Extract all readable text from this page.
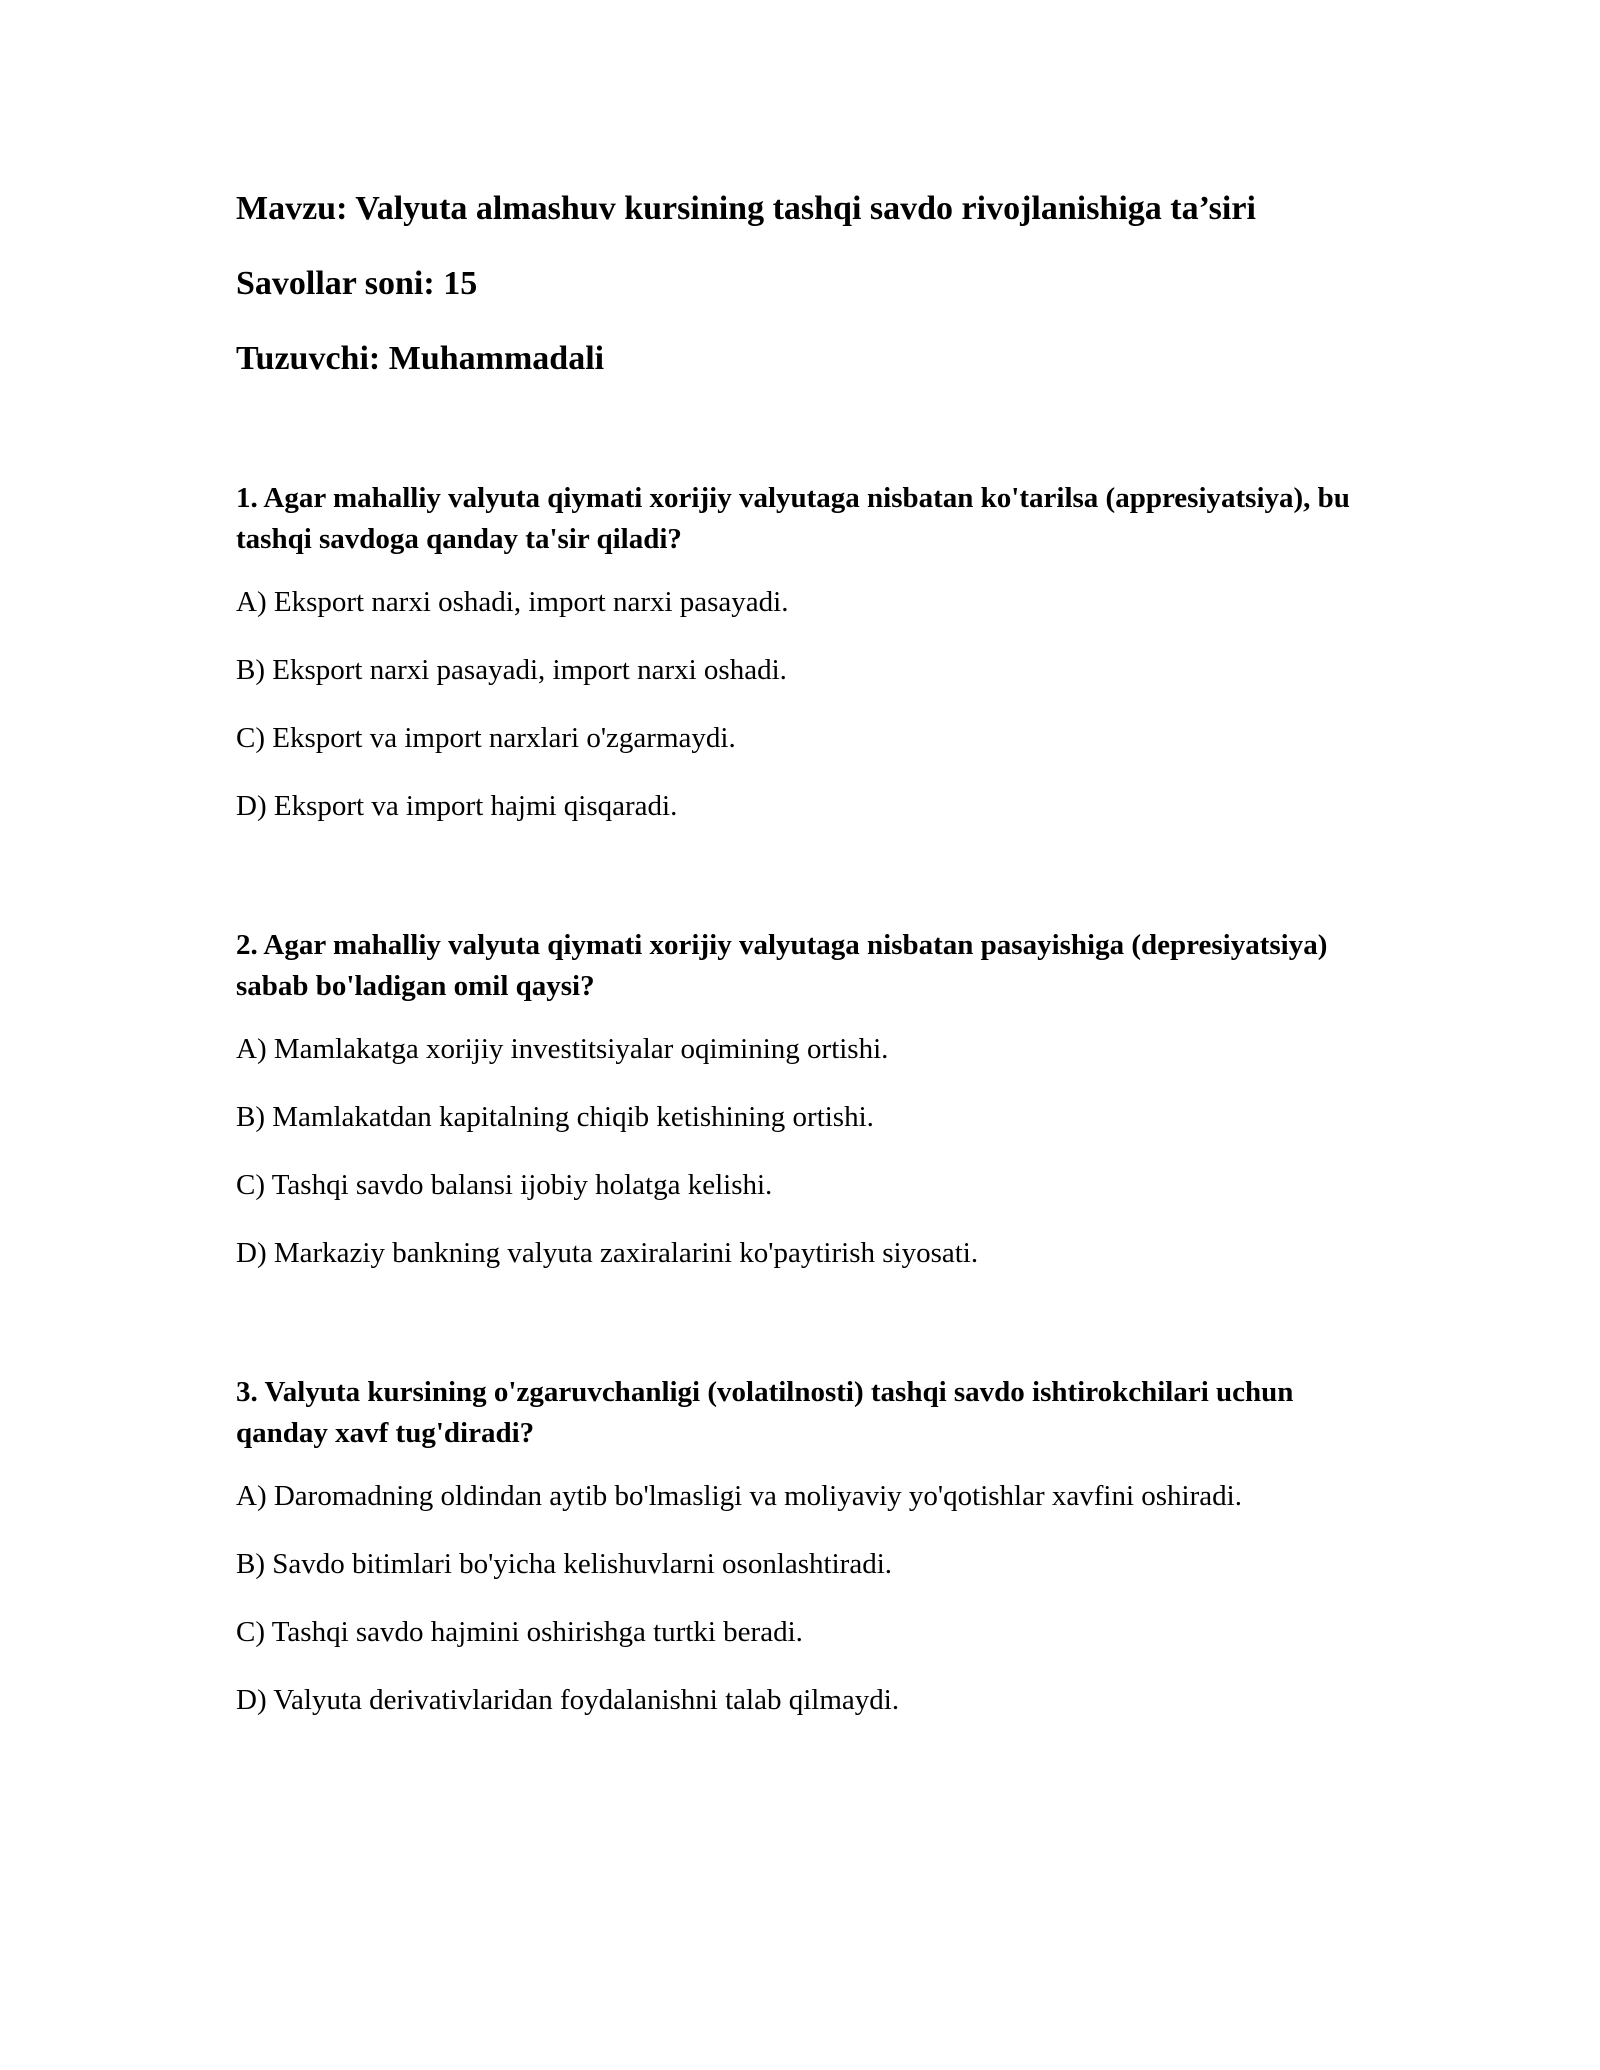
Mavzu: Valyuta almashuv kursining tashqi savdo rivojlanishiga ta’siri
Savollar soni: 15
Tuzuvchi: Muhammadali

1. Agar mahalliy valyuta qiymati xorijiy valyutaga nisbatan ko'tarilsa (appresiyatsiya), bu tashqi savdoga qanday ta'sir qiladi?

A) Eksport narxi oshadi, import narxi pasayadi.
B) Eksport narxi pasayadi, import narxi oshadi.
C) Eksport va import narxlari o'zgarmaydi.
D) Eksport va import hajmi qisqaradi.

2. Agar mahalliy valyuta qiymati xorijiy valyutaga nisbatan pasayishiga (depresiyatsiya) sabab bo'ladigan omil qaysi?

A) Mamlakatga xorijiy investitsiyalar oqimining ortishi.
B) Mamlakatdan kapitalning chiqib ketishining ortishi.
C) Tashqi savdo balansi ijobiy holatga kelishi.
D) Markaziy bankning valyuta zaxiralarini ko'paytirish siyosati.

3. Valyuta kursining o'zgaruvchanligi (volatilnosti) tashqi savdo ishtirokchilari uchun qanday xavf tug'diradi?

A) Daromadning oldindan aytib bo'lmasligi va moliyaviy yo'qotishlar xavfini oshiradi.
B) Savdo bitimlari bo'yicha kelishuvlarni osonlashtiradi.
C) Tashqi savdo hajmini oshirishga turtki beradi.
D) Valyuta derivativlaridan foydalanishni talab qilmaydi.
